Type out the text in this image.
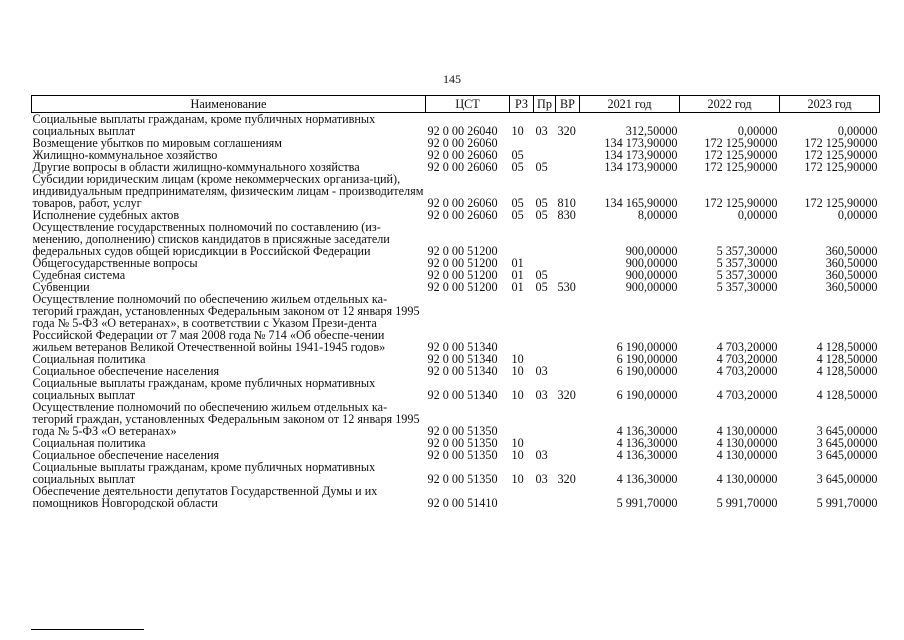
145
Наименование	ЦСТ	РЗ	Пр	ВР	2021 год	2022 год	2023 год
Социальные выплаты гражданам, кроме публичных нормативных социальных выплат	92 0 00 26040	10	03	320	312,50000	0,00000	0,00000
Возмещение убытков по мировым соглашениям	92 0 00 26060				134 173,90000	172 125,90000	172 125,90000
Жилищно-коммунальное хозяйство	92 0 00 26060	05			134 173,90000	172 125,90000	172 125,90000
Другие вопросы в области жилищно-коммунального хозяйства	92 0 00 26060	05	05		134 173,90000	172 125,90000	172 125,90000
Субсидии юридическим лицам (кроме некоммерческих организа-ций), индивидуальным предпринимателям, физическим лицам - производителям товаров, работ, услуг	92 0 00 26060	05	05	810	134 165,90000	172 125,90000	172 125,90000
Исполнение судебных актов	92 0 00 26060	05	05	830	8,00000	0,00000	0,00000
Осуществление государственных полномочий по составлению (из-менению, дополнению) списков кандидатов в присяжные заседатели федеральных судов общей юрисдикции в Российской Федерации	92 0 00 51200				900,00000	5 357,30000	360,50000
Общегосударственные вопросы	92 0 00 51200	01			900,00000	5 357,30000	360,50000
Судебная система	92 0 00 51200	01	05		900,00000	5 357,30000	360,50000
Субвенции	92 0 00 51200	01	05	530	900,00000	5 357,30000	360,50000
Осуществление полномочий по обеспечению жильем отдельных ка-тегорий граждан, установленных Федеральным законом от 12 января 1995 года № 5-ФЗ «О ветеранах», в соответствии с Указом Прези-дента Российской Федерации от 7 мая 2008 года № 714 «Об обеспе-чении жильем ветеранов Великой Отечественной войны 1941-1945 годов»	92 0 00 51340				6 190,00000	4 703,20000	4 128,50000
Социальная политика	92 0 00 51340	10			6 190,00000	4 703,20000	4 128,50000
Социальное обеспечение населения	92 0 00 51340	10	03		6 190,00000	4 703,20000	4 128,50000
Социальные выплаты гражданам, кроме публичных нормативных социальных выплат	92 0 00 51340	10	03	320	6 190,00000	4 703,20000	4 128,50000
Осуществление полномочий по обеспечению жильем отдельных ка-тегорий граждан, установленных Федеральным законом от 12 января 1995 года № 5-ФЗ «О ветеранах»	92 0 00 51350				4 136,30000	4 130,00000	3 645,00000
Социальная политика	92 0 00 51350	10			4 136,30000	4 130,00000	3 645,00000
Социальное обеспечение населения	92 0 00 51350	10	03		4 136,30000	4 130,00000	3 645,00000
Социальные выплаты гражданам, кроме публичных нормативных социальных выплат	92 0 00 51350	10	03	320	4 136,30000	4 130,00000	3 645,00000
Обеспечение деятельности депутатов Государственной Думы и их помощников Новгородской области	92 0 00 51410				5 991,70000	5 991,70000	5 991,70000
